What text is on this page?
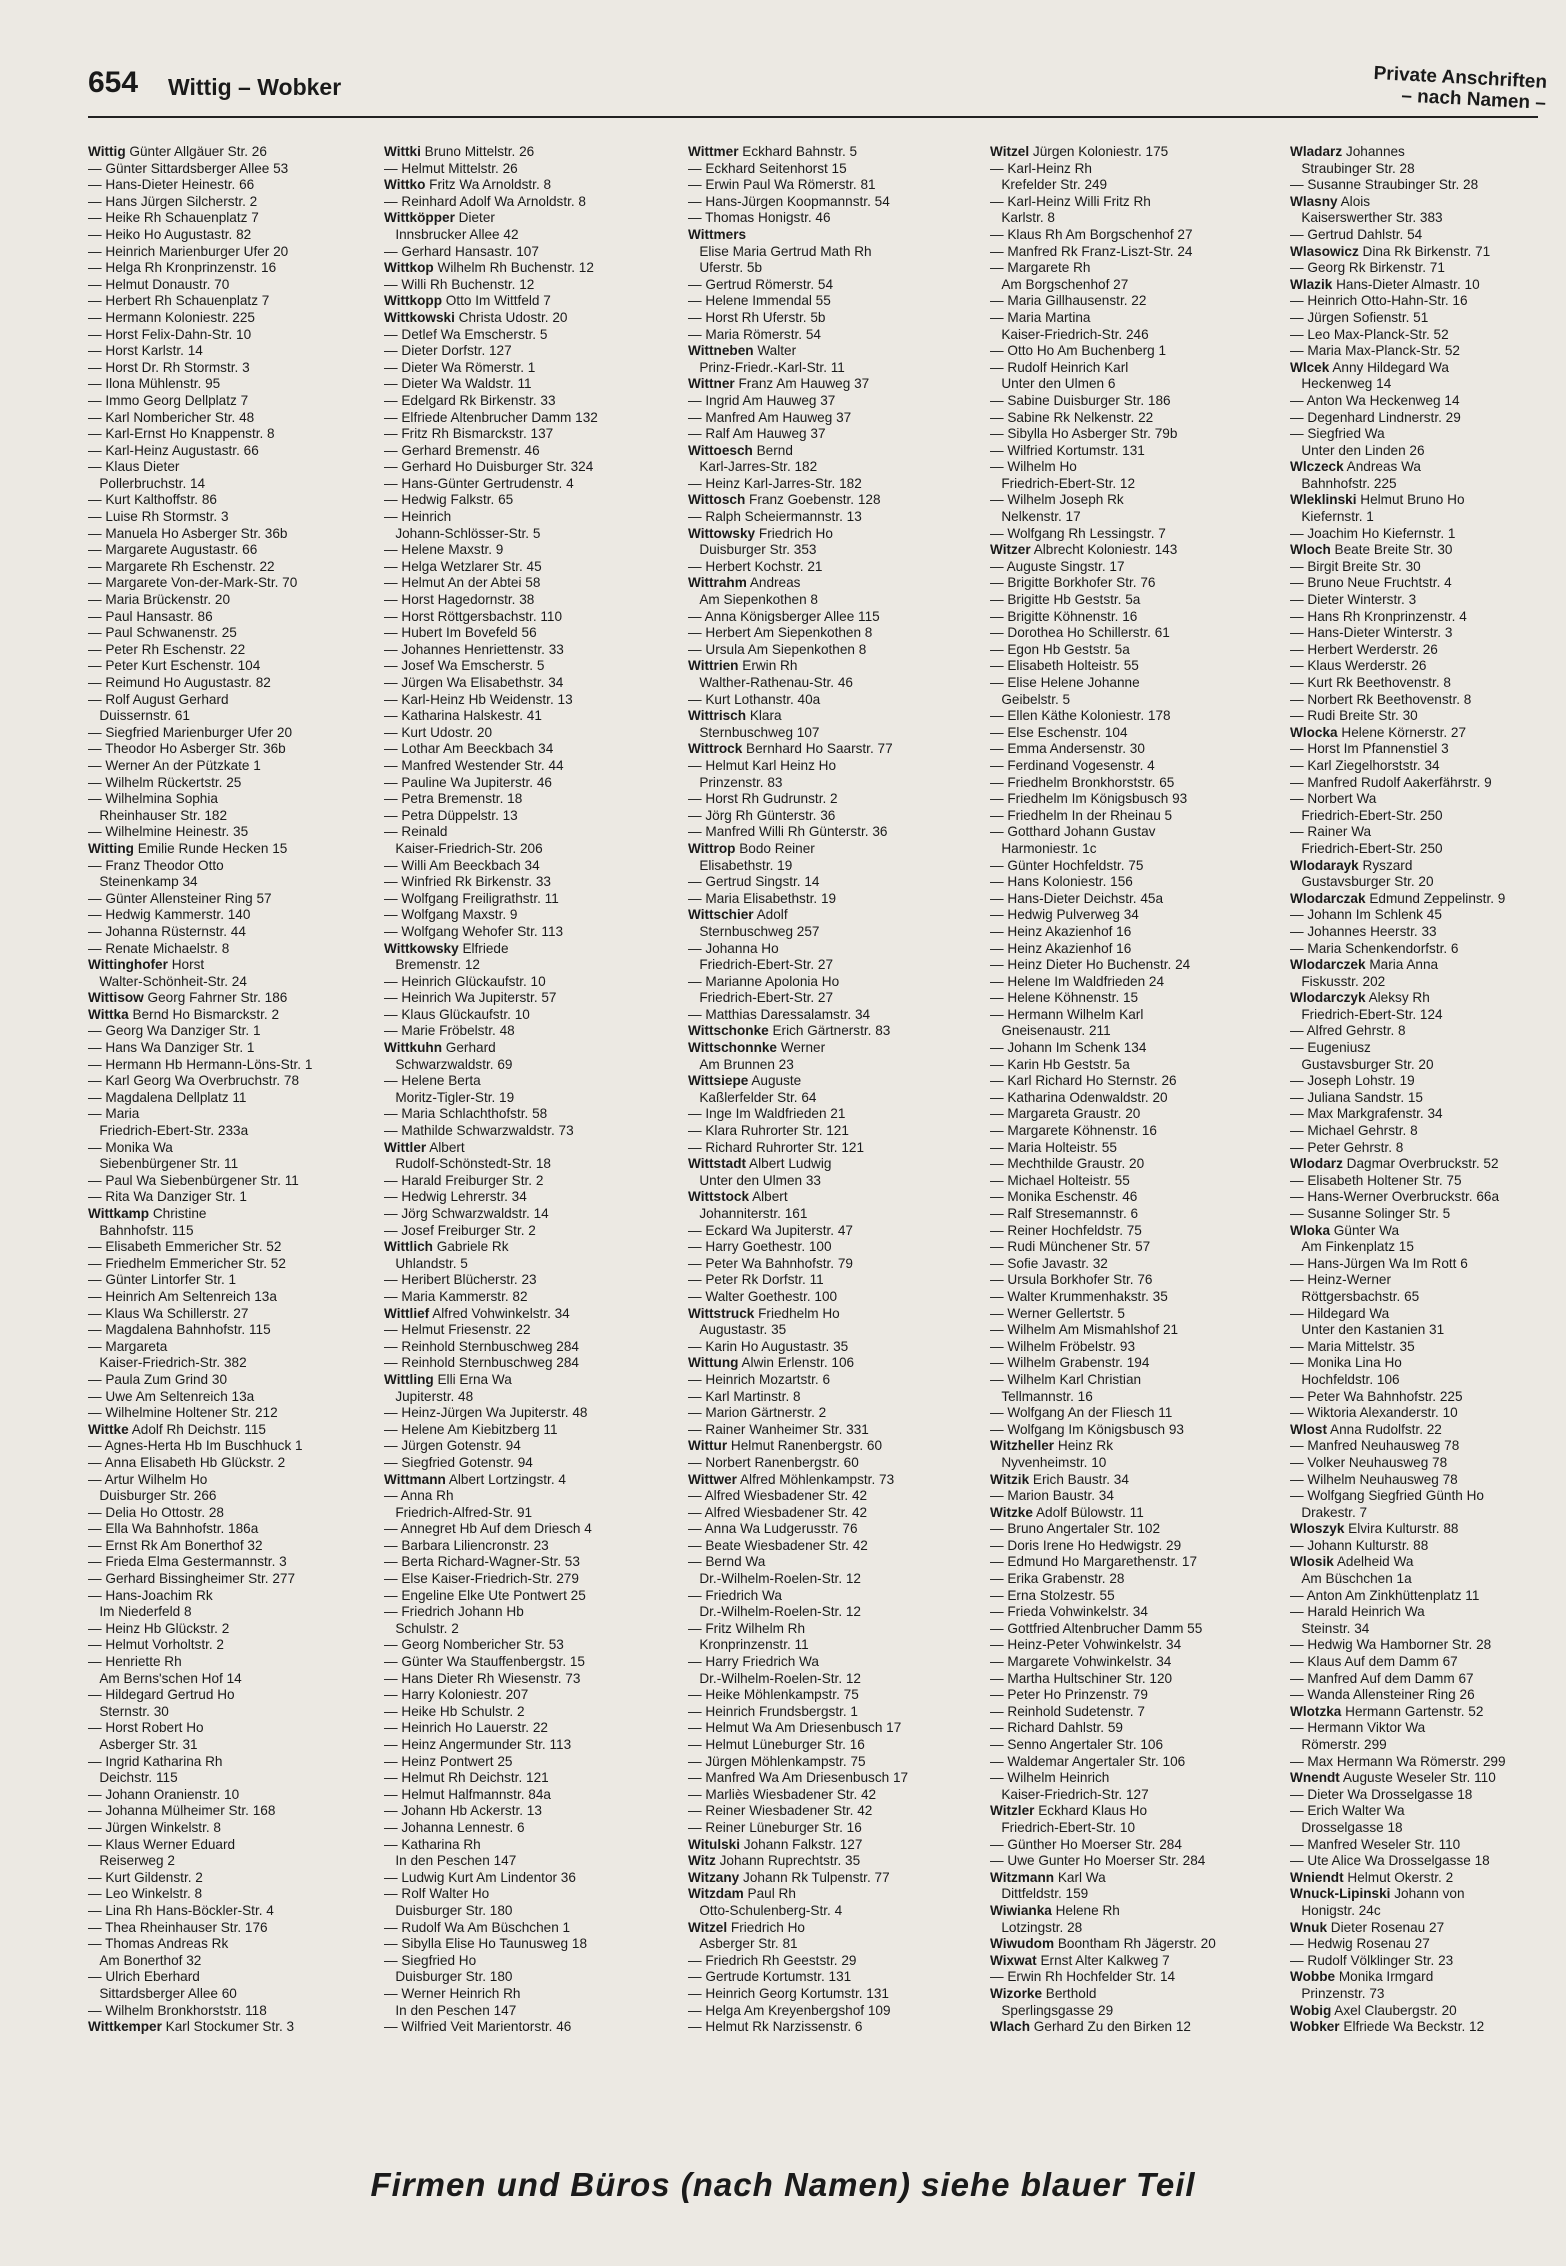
654 Wittig – Wobker	Private Anschriften
– nach Namen –
Wittig Günter Allgäuer Str. 26
— Günter Sittardsberger Allee 53
— Hans-Dieter Heinestr. 66
— Hans Jürgen Silcherstr. 2
— Heike Rh Schauenplatz 7
— Heiko Ho Augustastr. 82
— Heinrich Marienburger Ufer 20
— Helga Rh Kronprinzenstr. 16
— Helmut Donaustr. 70
— Herbert Rh Schauenplatz 7
— Hermann Koloniestr. 225
— Horst Felix-Dahn-Str. 10
— Horst Karlstr. 14
— Horst Dr. Rh Stormstr. 3
— Ilona Mühlenstr. 95
— Immo Georg Dellplatz 7
— Karl Nombericher Str. 48
— Karl-Ernst Ho Knappenstr. 8
— Karl-Heinz Augustastr. 66
— Klaus Dieter
Pollerbruchstr. 14
— Kurt Kalthoffstr. 86
— Luise Rh Stormstr. 3
— Manuela Ho Asberger Str. 36b
— Margarete Augustastr. 66
— Margarete Rh Eschenstr. 22
— Margarete Von-der-Mark-Str. 70
— Maria Brückenstr. 20
— Paul Hansastr. 86
— Paul Schwanenstr. 25
— Peter Rh Eschenstr. 22
— Peter Kurt Eschenstr. 104
— Reimund Ho Augustastr. 82
— Rolf August Gerhard
Duissernstr. 61
— Siegfried Marienburger Ufer 20
— Theodor Ho Asberger Str. 36b
— Werner An der Pützkate 1
— Wilhelm Rückertstr. 25
— Wilhelmina Sophia
Rheinhauser Str. 182
— Wilhelmine Heinestr. 35
Witting Emilie Runde Hecken 15
— Franz Theodor Otto
Steinenkamp 34
— Günter Allensteiner Ring 57
— Hedwig Kammerstr. 140
— Johanna Rüsternstr. 44
— Renate Michaelstr. 8
Wittinghofer Horst
Walter-Schönheit-Str. 24
Wittisow Georg Fahrner Str. 186
Wittka Bernd Ho Bismarckstr. 2
— Georg Wa Danziger Str. 1
— Hans Wa Danziger Str. 1
— Hermann Hb Hermann-Löns-Str. 1
— Karl Georg Wa Overbruchstr. 78
— Magdalena Dellplatz 11
— Maria
Friedrich-Ebert-Str. 233a
— Monika Wa
Siebenbürgener Str. 11
— Paul Wa Siebenbürgener Str. 11
— Rita Wa Danziger Str. 1
Wittkamp Christine
Bahnhofstr. 115
— Elisabeth Emmericher Str. 52
— Friedhelm Emmericher Str. 52
— Günter Lintorfer Str. 1
— Heinrich Am Seltenreich 13a
— Klaus Wa Schillerstr. 27
— Magdalena Bahnhofstr. 115
— Margareta
Kaiser-Friedrich-Str. 382
— Paula Zum Grind 30
— Uwe Am Seltenreich 13a
— Wilhelmine Holtener Str. 212
Wittke Adolf Rh Deichstr. 115
— Agnes-Herta Hb Im Buschhuck 1
— Anna Elisabeth Hb Glückstr. 2
— Artur Wilhelm Ho
Duisburger Str. 266
— Delia Ho Ottostr. 28
— Ella Wa Bahnhofstr. 186a
— Ernst Rk Am Bonerthof 32
— Frieda Elma Gestermannstr. 3
— Gerhard Bissingheimer Str. 277
— Hans-Joachim Rk
Im Niederfeld 8
— Heinz Hb Glückstr. 2
— Helmut Vorholtstr. 2
— Henriette Rh
Am Berns'schen Hof 14
— Hildegard Gertrud Ho
Sternstr. 30
— Horst Robert Ho
Asberger Str. 31
— Ingrid Katharina Rh
Deichstr. 115
— Johann Oranienstr. 10
— Johanna Mülheimer Str. 168
— Jürgen Winkelstr. 8
— Klaus Werner Eduard
Reiserweg 2
— Kurt Gildenstr. 2
— Leo Winkelstr. 8
— Lina Rh Hans-Böckler-Str. 4
— Thea Rheinhauser Str. 176
— Thomas Andreas Rk
Am Bonerthof 32
— Ulrich Eberhard
Sittardsberger Allee 60
— Wilhelm Bronkhorststr. 118
Wittkemper Karl Stockumer Str. 3
Wittki Bruno Mittelstr. 26
— Helmut Mittelstr. 26
Wittko Fritz Wa Arnoldstr. 8
— Reinhard Adolf Wa Arnoldstr. 8
Wittköpper Dieter
Innsbrucker Allee 42
— Gerhard Hansastr. 107
Wittkop Wilhelm Rh Buchenstr. 12
— Willi Rh Buchenstr. 12
Wittkopp Otto Im Wittfeld 7
Wittkowski Christa Udostr. 20
— Detlef Wa Emscherstr. 5
— Dieter Dorfstr. 127
— Dieter Wa Römerstr. 1
— Dieter Wa Waldstr. 11
— Edelgard Rk Birkenstr. 33
— Elfriede Altenbrucher Damm 132
— Fritz Rh Bismarckstr. 137
— Gerhard Bremenstr. 46
— Gerhard Ho Duisburger Str. 324
— Hans-Günter Gertrudenstr. 4
— Hedwig Falkstr. 65
— Heinrich
Johann-Schlösser-Str. 5
— Helene Maxstr. 9
— Helga Wetzlarer Str. 45
— Helmut An der Abtei 58
— Horst Hagedornstr. 38
— Horst Röttgersbachstr. 110
— Hubert Im Bovefeld 56
— Johannes Henriettenstr. 33
— Josef Wa Emscherstr. 5
— Jürgen Wa Elisabethstr. 34
— Karl-Heinz Hb Weidenstr. 13
— Katharina Halskestr. 41
— Kurt Udostr. 20
— Lothar Am Beeckbach 34
— Manfred Westender Str. 44
— Pauline Wa Jupiterstr. 46
— Petra Bremenstr. 18
— Petra Düppelstr. 13
— Reinald
Kaiser-Friedrich-Str. 206
— Willi Am Beeckbach 34
— Winfried Rk Birkenstr. 33
— Wolfgang Freiligrathstr. 11
— Wolfgang Maxstr. 9
— Wolfgang Wehofer Str. 113
Wittkowsky Elfriede
Bremenstr. 12
— Heinrich Glückaufstr. 10
— Heinrich Wa Jupiterstr. 57
— Klaus Glückaufstr. 10
— Marie Fröbelstr. 48
Wittkuhn Gerhard
Schwarzwaldstr. 69
— Helene Berta
Moritz-Tigler-Str. 19
— Maria Schlachthofstr. 58
— Mathilde Schwarzwaldstr. 73
Wittler Albert
Rudolf-Schönstedt-Str. 18
— Harald Freiburger Str. 2
— Hedwig Lehrerstr. 34
— Jörg Schwarzwaldstr. 14
— Josef Freiburger Str. 2
Wittlich Gabriele Rk
Uhlandstr. 5
— Heribert Blücherstr. 23
— Maria Kammerstr. 82
Wittlief Alfred Vohwinkelstr. 34
— Helmut Friesenstr. 22
— Reinhold Sternbuschweg 284
— Reinhold Sternbuschweg 284
Wittling Elli Erna Wa
Jupiterstr. 48
— Heinz-Jürgen Wa Jupiterstr. 48
— Helene Am Kiebitzberg 11
— Jürgen Gotenstr. 94
— Siegfried Gotenstr. 94
Wittmann Albert Lortzingstr. 4
— Anna Rh
Friedrich-Alfred-Str. 91
— Annegret Hb Auf dem Driesch 4
— Barbara Liliencronstr. 23
— Berta Richard-Wagner-Str. 53
— Else Kaiser-Friedrich-Str. 279
— Engeline Elke Ute Pontwert 25
— Friedrich Johann Hb
Schulstr. 2
— Georg Nombericher Str. 53
— Günter Wa Stauffenbergstr. 15
— Hans Dieter Rh Wiesenstr. 73
— Harry Koloniestr. 207
— Heike Hb Schulstr. 2
— Heinrich Ho Lauerstr. 22
— Heinz Angermunder Str. 113
— Heinz Pontwert 25
— Helmut Rh Deichstr. 121
— Helmut Halfmannstr. 84a
— Johann Hb Ackerstr. 13
— Johanna Lennestr. 6
— Katharina Rh
In den Peschen 147
— Ludwig Kurt Am Lindentor 36
— Rolf Walter Ho
Duisburger Str. 180
— Rudolf Wa Am Büschchen 1
— Sibylla Elise Ho Taunusweg 18
— Siegfried Ho
Duisburger Str. 180
— Werner Heinrich Rh
In den Peschen 147
— Wilfried Veit Marientorstr. 46
Wittmer Eckhard Bahnstr. 5
— Eckhard Seitenhorst 15
— Erwin Paul Wa Römerstr. 81
— Hans-Jürgen Koopmannstr. 54
— Thomas Honigstr. 46
Wittmers
Elise Maria Gertrud Math Rh
Uferstr. 5b
— Gertrud Römerstr. 54
— Helene Immendal 55
— Horst Rh Uferstr. 5b
— Maria Römerstr. 54
Wittneben Walter
Prinz-Friedr.-Karl-Str. 11
Wittner Franz Am Hauweg 37
— Ingrid Am Hauweg 37
— Manfred Am Hauweg 37
— Ralf Am Hauweg 37
Wittoesch Bernd
Karl-Jarres-Str. 182
— Heinz Karl-Jarres-Str. 182
Wittosch Franz Goebenstr. 128
— Ralph Scheiermannstr. 13
Wittowsky Friedrich Ho
Duisburger Str. 353
— Herbert Kochstr. 21
Wittrahm Andreas
Am Siepenkothen 8
— Anna Königsberger Allee 115
— Herbert Am Siepenkothen 8
— Ursula Am Siepenkothen 8
Wittrien Erwin Rh
Walther-Rathenau-Str. 46
— Kurt Lothanstr. 40a
Wittrisch Klara
Sternbuschweg 107
Wittrock Bernhard Ho Saarstr. 77
— Helmut Karl Heinz Ho
Prinzenstr. 83
— Horst Rh Gudrunstr. 2
— Jörg Rh Günterstr. 36
— Manfred Willi Rh Günterstr. 36
Wittrop Bodo Reiner
Elisabethstr. 19
— Gertrud Singstr. 14
— Maria Elisabethstr. 19
Wittschier Adolf
Sternbuschweg 257
— Johanna Ho
Friedrich-Ebert-Str. 27
— Marianne Apolonia Ho
Friedrich-Ebert-Str. 27
— Matthias Daressalamstr. 34
Wittschonke Erich Gärtnerstr. 83
Wittschonnke Werner
Am Brunnen 23
Wittsiepe Auguste
Kaßlerfelder Str. 64
— Inge Im Waldfrieden 21
— Klara Ruhrorter Str. 121
— Richard Ruhrorter Str. 121
Wittstadt Albert Ludwig
Unter den Ulmen 33
Wittstock Albert
Johanniterstr. 161
— Eckard Wa Jupiterstr. 47
— Harry Goethestr. 100
— Peter Wa Bahnhofstr. 79
— Peter Rk Dorfstr. 11
— Walter Goethestr. 100
Wittstruck Friedhelm Ho
Augustastr. 35
— Karin Ho Augustastr. 35
Wittung Alwin Erlenstr. 106
— Heinrich Mozartstr. 6
— Karl Martinstr. 8
— Marion Gärtnerstr. 2
— Rainer Wanheimer Str. 331
Wittur Helmut Ranenbergstr. 60
— Norbert Ranenbergstr. 60
Wittwer Alfred Möhlenkampstr. 73
— Alfred Wiesbadener Str. 42
— Alfred Wiesbadener Str. 42
— Anna Wa Ludgerusstr. 76
— Beate Wiesbadener Str. 42
— Bernd Wa
Dr.-Wilhelm-Roelen-Str. 12
— Friedrich Wa
Dr.-Wilhelm-Roelen-Str. 12
— Fritz Wilhelm Rh
Kronprinzenstr. 11
— Harry Friedrich Wa
Dr.-Wilhelm-Roelen-Str. 12
— Heike Möhlenkampstr. 75
— Heinrich Frundsbergstr. 1
— Helmut Wa Am Driesenbusch 17
— Helmut Lüneburger Str. 16
— Jürgen Möhlenkampstr. 75
— Manfred Wa Am Driesenbusch 17
— Marliès Wiesbadener Str. 42
— Reiner Wiesbadener Str. 42
— Reiner Lüneburger Str. 16
Witulski Johann Falkstr. 127
Witz Johann Ruprechtstr. 35
Witzany Johann Rk Tulpenstr. 77
Witzdam Paul Rh
Otto-Schulenberg-Str. 4
Witzel Friedrich Ho
Asberger Str. 81
— Friedrich Rh Geeststr. 29
— Gertrude Kortumstr. 131
— Heinrich Georg Kortumstr. 131
— Helga Am Kreyenbergshof 109
— Helmut Rk Narzissenstr. 6
Witzel Jürgen Koloniestr. 175
— Karl-Heinz Rh
Krefelder Str. 249
— Karl-Heinz Willi Fritz Rh
Karlstr. 8
— Klaus Rh Am Borgschenhof 27
— Manfred Rk Franz-Liszt-Str. 24
— Margarete Rh
Am Borgschenhof 27
— Maria Gillhausenstr. 22
— Maria Martina
Kaiser-Friedrich-Str. 246
— Otto Ho Am Buchenberg 1
— Rudolf Heinrich Karl
Unter den Ulmen 6
— Sabine Duisburger Str. 186
— Sabine Rk Nelkenstr. 22
— Sibylla Ho Asberger Str. 79b
— Wilfried Kortumstr. 131
— Wilhelm Ho
Friedrich-Ebert-Str. 12
— Wilhelm Joseph Rk
Nelkenstr. 17
— Wolfgang Rh Lessingstr. 7
Witzer Albrecht Koloniestr. 143
— Auguste Singstr. 17
— Brigitte Borkhofer Str. 76
— Brigitte Hb Geststr. 5a
— Brigitte Köhnenstr. 16
— Dorothea Ho Schillerstr. 61
— Egon Hb Geststr. 5a
— Elisabeth Holteistr. 55
— Elise Helene Johanne
Geibelstr. 5
— Ellen Käthe Koloniestr. 178
— Else Eschenstr. 104
— Emma Andersenstr. 30
— Ferdinand Vogesenstr. 4
— Friedhelm Bronkhorststr. 65
— Friedhelm Im Königsbusch 93
— Friedhelm In der Rheinau 5
— Gotthard Johann Gustav
Harmoniestr. 1c
— Günter Hochfeldstr. 75
— Hans Koloniestr. 156
— Hans-Dieter Deichstr. 45a
— Hedwig Pulverweg 34
— Heinz Akazienhof 16
— Heinz Akazienhof 16
— Heinz Dieter Ho Buchenstr. 24
— Helene Im Waldfrieden 24
— Helene Köhnenstr. 15
— Hermann Wilhelm Karl
Gneisenaustr. 211
— Johann Im Schenk 134
— Karin Hb Geststr. 5a
— Karl Richard Ho Sternstr. 26
— Katharina Odenwaldstr. 20
— Margareta Graustr. 20
— Margarete Köhnenstr. 16
— Maria Holteistr. 55
— Mechthilde Graustr. 20
— Michael Holteistr. 55
— Monika Eschenstr. 46
— Ralf Stresemannstr. 6
— Reiner Hochfeldstr. 75
— Rudi Münchener Str. 57
— Sofie Javastr. 32
— Ursula Borkhofer Str. 76
— Walter Krummenhakstr. 35
— Werner Gellertstr. 5
— Wilhelm Am Mismahlshof 21
— Wilhelm Fröbelstr. 93
— Wilhelm Grabenstr. 194
— Wilhelm Karl Christian
Tellmannstr. 16
— Wolfgang An der Fliesch 11
— Wolfgang Im Königsbusch 93
Witzheller Heinz Rk
Nyvenheimstr. 10
Witzik Erich Baustr. 34
— Marion Baustr. 34
Witzke Adolf Bülowstr. 11
— Bruno Angertaler Str. 102
— Doris Irene Ho Hedwigstr. 29
— Edmund Ho Margarethenstr. 17
— Erika Grabenstr. 28
— Erna Stolzestr. 55
— Frieda Vohwinkelstr. 34
— Gottfried Altenbrucher Damm 55
— Heinz-Peter Vohwinkelstr. 34
— Margarete Vohwinkelstr. 34
— Martha Hultschiner Str. 120
— Peter Ho Prinzenstr. 79
— Reinhold Sudetenstr. 7
— Richard Dahlstr. 59
— Senno Angertaler Str. 106
— Waldemar Angertaler Str. 106
— Wilhelm Heinrich
Kaiser-Friedrich-Str. 127
Witzler Eckhard Klaus Ho
Friedrich-Ebert-Str. 10
— Günther Ho Moerser Str. 284
— Uwe Gunter Ho Moerser Str. 284
Witzmann Karl Wa
Dittfeldstr. 159
Wiwianka Helene Rh
Lotzingstr. 28
Wiwudom Boontham Rh Jägerstr. 20
Wixwat Ernst Alter Kalkweg 7
— Erwin Rh Hochfelder Str. 14
Wizorke Berthold
Sperlingsgasse 29
Wlach Gerhard Zu den Birken 12
Wladarz Johannes
Straubinger Str. 28
— Susanne Straubinger Str. 28
Wlasny Alois
Kaiserswerther Str. 383
— Gertrud Dahlstr. 54
Wlasowicz Dina Rk Birkenstr. 71
— Georg Rk Birkenstr. 71
Wlazik Hans-Dieter Almastr. 10
— Heinrich Otto-Hahn-Str. 16
— Jürgen Sofienstr. 51
— Leo Max-Planck-Str. 52
— Maria Max-Planck-Str. 52
Wlcek Anny Hildegard Wa
Heckenweg 14
— Anton Wa Heckenweg 14
— Degenhard Lindnerstr. 29
— Siegfried Wa
Unter den Linden 26
Wlczeck Andreas Wa
Bahnhofstr. 225
Wleklinski Helmut Bruno Ho
Kiefernstr. 1
— Joachim Ho Kiefernstr. 1
Wloch Beate Breite Str. 30
— Birgit Breite Str. 30
— Bruno Neue Fruchtstr. 4
— Dieter Winterstr. 3
— Hans Rh Kronprinzenstr. 4
— Hans-Dieter Winterstr. 3
— Herbert Werderstr. 26
— Klaus Werderstr. 26
— Kurt Rk Beethovenstr. 8
— Norbert Rk Beethovenstr. 8
— Rudi Breite Str. 30
Wlocka Helene Körnerstr. 27
— Horst Im Pfannenstiel 3
— Karl Ziegelhorststr. 34
— Manfred Rudolf Aakerfährstr. 9
— Norbert Wa
Friedrich-Ebert-Str. 250
— Rainer Wa
Friedrich-Ebert-Str. 250
Wlodarayk Ryszard
Gustavsburger Str. 20
Wlodarczak Edmund Zeppelinstr. 9
— Johann Im Schlenk 45
— Johannes Heerstr. 33
— Maria Schenkendorfstr. 6
Wlodarczek Maria Anna
Fiskusstr. 202
Wlodarczyk Aleksy Rh
Friedrich-Ebert-Str. 124
— Alfred Gehrstr. 8
— Eugeniusz
Gustavsburger Str. 20
— Joseph Lohstr. 19
— Juliana Sandstr. 15
— Max Markgrafenstr. 34
— Michael Gehrstr. 8
— Peter Gehrstr. 8
Wlodarz Dagmar Overbruckstr. 52
— Elisabeth Holtener Str. 75
— Hans-Werner Overbruckstr. 66a
— Susanne Solinger Str. 5
Wloka Günter Wa
Am Finkenplatz 15
— Hans-Jürgen Wa Im Rott 6
— Heinz-Werner
Röttgersbachstr. 65
— Hildegard Wa
Unter den Kastanien 31
— Maria Mittelstr. 35
— Monika Lina Ho
Hochfeldstr. 106
— Peter Wa Bahnhofstr. 225
— Wiktoria Alexanderstr. 10
Wlost Anna Rudolfstr. 22
— Manfred Neuhausweg 78
— Volker Neuhausweg 78
— Wilhelm Neuhausweg 78
— Wolfgang Siegfried Günth Ho
Drakestr. 7
Wloszyk Elvira Kulturstr. 88
— Johann Kulturstr. 88
Wlosik Adelheid Wa
Am Büschchen 1a
— Anton Am Zinkhüttenplatz 11
— Harald Heinrich Wa
Steinstr. 34
— Hedwig Wa Hamborner Str. 28
— Klaus Auf dem Damm 67
— Manfred Auf dem Damm 67
— Wanda Allensteiner Ring 26
Wlotzka Hermann Gartenstr. 52
— Hermann Viktor Wa
Römerstr. 299
— Max Hermann Wa Römerstr. 299
Wnendt Auguste Weseler Str. 110
— Dieter Wa Drosselgasse 18
— Erich Walter Wa
Drosselgasse 18
— Manfred Weseler Str. 110
— Ute Alice Wa Drosselgasse 18
Wniendt Helmut Okerstr. 2
Wnuck-Lipinski Johann von
Honigstr. 24c
Wnuk Dieter Rosenau 27
— Hedwig Rosenau 27
— Rudolf Völklinger Str. 23
Wobbe Monika Irmgard
Prinzenstr. 73
Wobig Axel Claubergstr. 20
Wobker Elfriede Wa Beckstr. 12
Firmen und Büros (nach Namen) siehe blauer Teil
